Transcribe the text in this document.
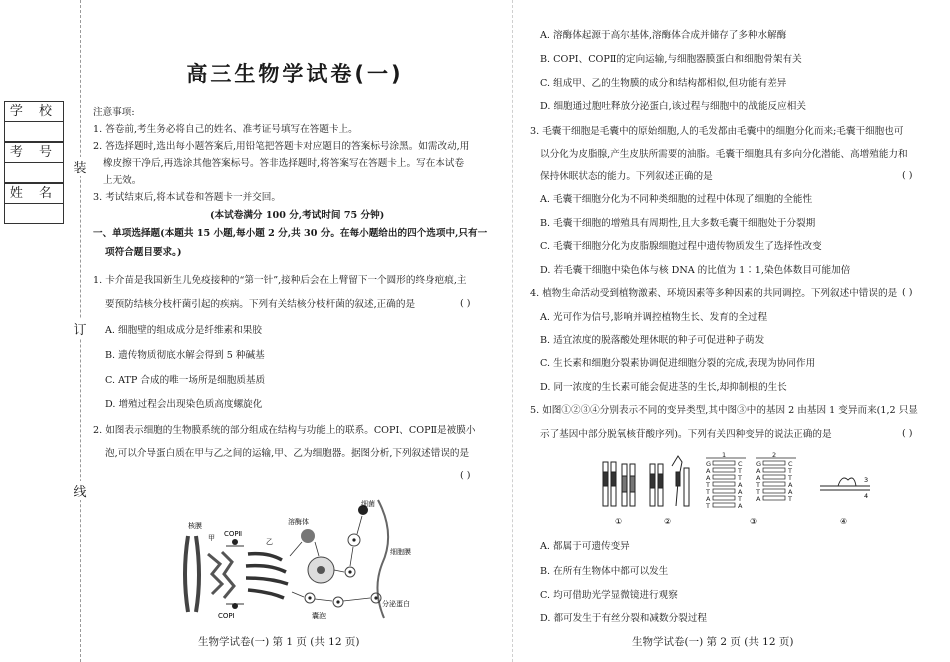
装
订
线
学 校
考 号
姓 名
高三生物学试卷(一)
注意事项:
1. 答卷前,考生务必将自己的姓名、准考证号填写在答题卡上。
2. 答选择题时,选出每小题答案后,用铅笔把答题卡对应题目的答案标号涂黑。如需改动,用
橡皮擦干净后,再选涂其他答案标号。答非选择题时,将答案写在答题卡上。写在本试卷
上无效。
3. 考试结束后,将本试卷和答题卡一并交回。
(本试卷满分 100 分,考试时间 75 分钟)
一、单项选择题(本题共 15 小题,每小题 2 分,共 30 分。在每小题给出的四个选项中,只有一
项符合题目要求。)
1. 卡介苗是我国新生儿免疫接种的“第一针”,接种后会在上臂留下一个圆形的终身疤痕,主
要预防结核分枝杆菌引起的疾病。下列有关结核分枝杆菌的叙述,正确的是	( )
A. 细胞壁的组成成分是纤维素和果胶
B. 遗传物质彻底水解会得到 5 种碱基
C. ATP 合成的唯一场所是细胞质基质
D. 增殖过程会出现染色质高度螺旋化
2. 如图表示细胞的生物膜系统的部分组成在结构与功能上的联系。COPⅠ、COPⅡ是被膜小
泡,可以介导蛋白质在甲与乙之间的运输,甲、乙为细胞器。据图分析,下列叙述错误的是
( )
核膜
甲	乙
COPⅡ
COPⅠ
溶酶体
细菌
细胞膜
囊泡
分泌蛋白
生物学试卷(一) 第 1 页 (共 12 页)
A. 溶酶体起源于高尔基体,溶酶体合成并储存了多种水解酶
B. COPⅠ、COPⅡ的定向运输,与细胞器膜蛋白和细胞骨架有关
C. 组成甲、乙的生物膜的成分和结构都相似,但功能有差异
D. 细胞通过胞吐释放分泌蛋白,该过程与细胞中的战能反应相关
3. 毛囊干细胞是毛囊中的原始细胞,人的毛发都由毛囊中的细胞分化而来;毛囊干细胞也可
以分化为皮脂腺,产生皮肤所需要的油脂。毛囊干细胞具有多向分化潜能、高增殖能力和
保持休眠状态的能力。下列叙述正确的是	( )
A. 毛囊干细胞分化为不同种类细胞的过程中体现了细胞的全能性
B. 毛囊干细胞的增殖具有周期性,且大多数毛囊干细胞处于分裂期
C. 毛囊干细胞分化为皮脂腺细胞过程中遗传物质发生了选择性改变
D. 若毛囊干细胞中染色体与核 DNA 的比值为 1∶1,染色体数目可能加倍
4. 植物生命活动受到植物激素、环境因素等多种因素的共同调控。下列叙述中错误的是 ( )
A. 光可作为信号,影响并调控植物生长、发育的全过程
B. 适宜浓度的脱落酸处理休眠的种子可促进种子萌发
C. 生长素和细胞分裂素协调促进细胞分裂的完成,表现为协同作用
D. 同一浓度的生长素可能会促进茎的生长,却抑制根的生长
5. 如图①②③④分别表示不同的变异类型,其中图③中的基因 2 由基因 1 变异而来(1,2 只显
示了基因中部分脱氧核苷酸序列)。下列有关四种变异的说法正确的是	( )
1	2
G
A
A
T
T
A
T
C
T
T
A
A
T
A
G
A
A
T
T
A
C
T
T
A
A
T
3
4
①	②	③	④
A. 都属于可遗传变异
B. 在所有生物体中都可以发生
C. 均可借助光学显微镜进行观察
D. 都可发生于有丝分裂和减数分裂过程
生物学试卷(一) 第 2 页 (共 12 页)
